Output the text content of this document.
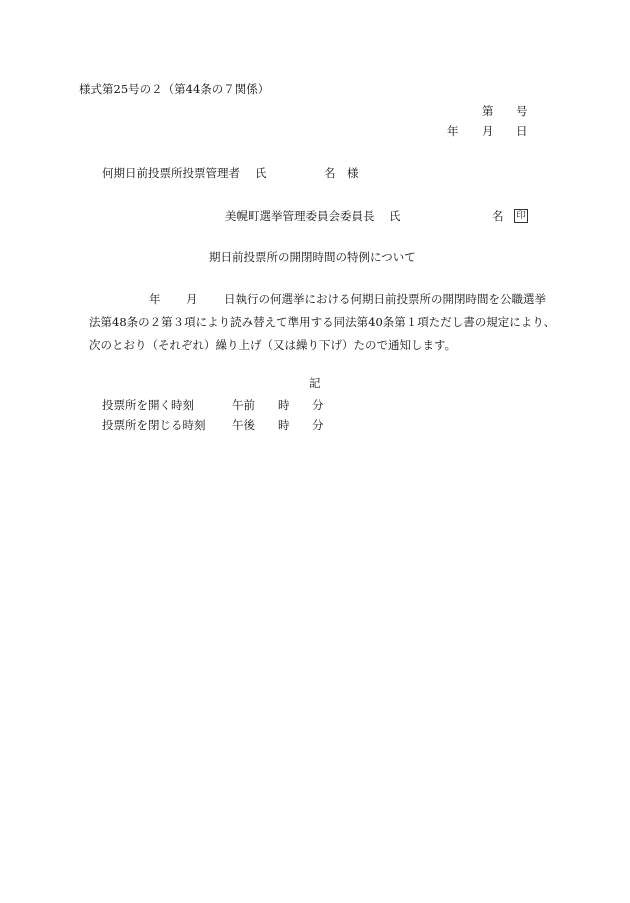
様式第25号の２（第44条の７関係）
第 号
年 月 日
何期日前投票所投票管理者 氏	名 様
美幌町選挙管理委員会委員長 氏	名	印
期日前投票所の開閉時間の特例について
年 月 日執行の何選挙における何期日前投票所の開閉時間を公職選挙
法第48条の２第３項により読み替えて準用する同法第40条第１項ただし書の規定により、
次のとおり（それぞれ）繰り上げ（又は繰り下げ）たので通知します。
記
投票所を開く時刻	午前 時 分
投票所を閉じる時刻 午後 時 分
